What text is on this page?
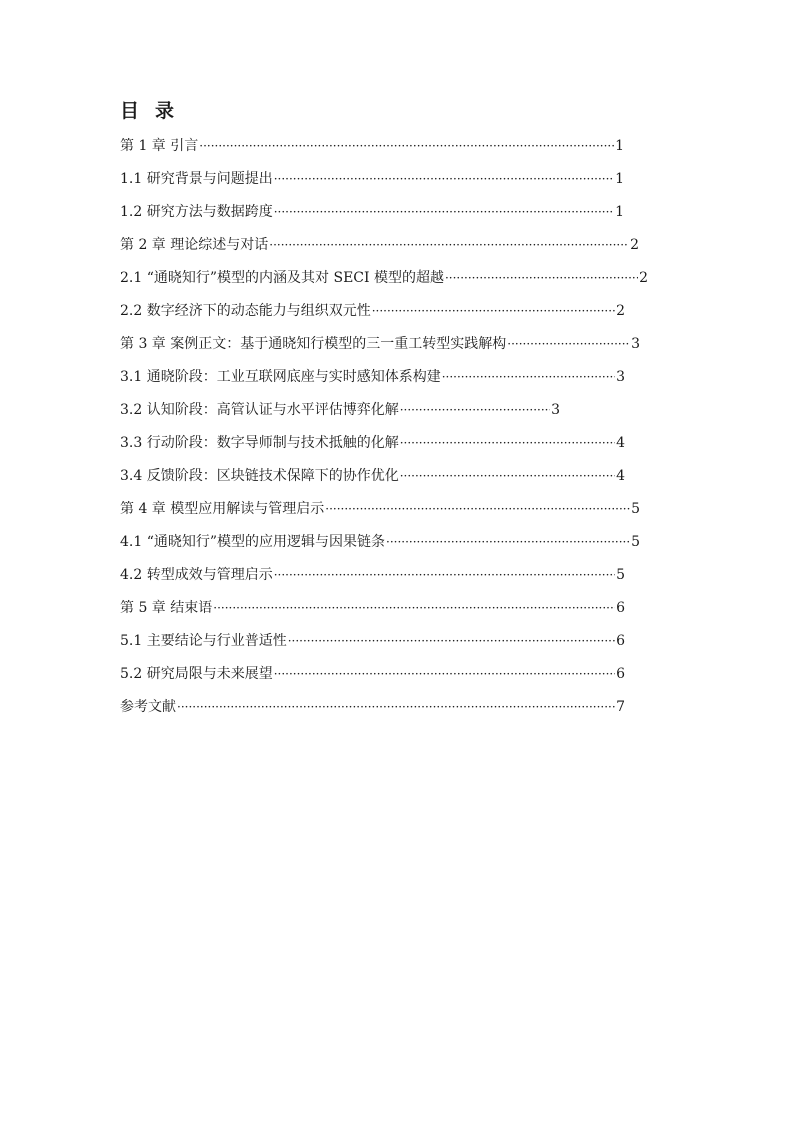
目 录
第 1 章 引言 ·····	1
1.1 研究背景与问题提出 ·····	1
1.2 研究方法与数据跨度 ·····	1
第 2 章 理论综述与对话 ·····	2
2.1 “通晓知行”模型的内涵及其对 SECI 模型的超越 ·····	2
2.2 数字经济下的动态能力与组织双元性 ·····	2
第 3 章 案例正文：基于通晓知行模型的三一重工转型实践解构 ·····	3
3.1 通晓阶段：工业互联网底座与实时感知体系构建 ·····	3
3.2 认知阶段：高管认证与水平评估博弈化解 ·····	3
3.3 行动阶段：数字导师制与技术抵触的化解 ·····	4
3.4 反馈阶段：区块链技术保障下的协作优化 ·····	4
第 4 章 模型应用解读与管理启示 ·····	5
4.1 “通晓知行”模型的应用逻辑与因果链条 ·····	5
4.2 转型成效与管理启示 ·····	5
第 5 章 结束语 ·····	6
5.1 主要结论与行业普适性 ·····	6
5.2 研究局限与未来展望 ·····	6
参考文献 ·····	7
